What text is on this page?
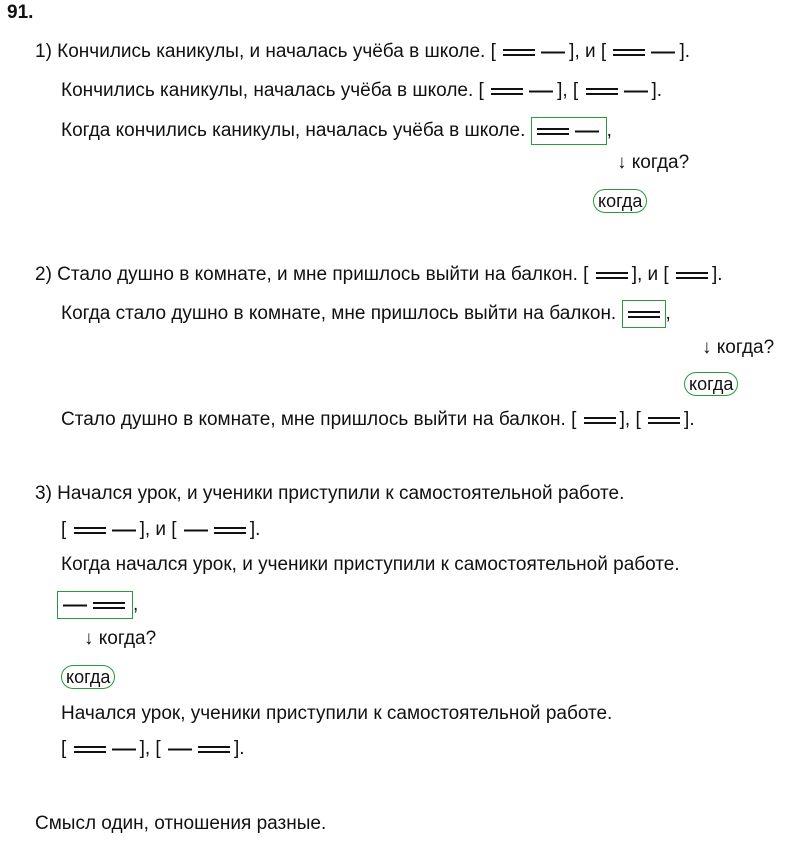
91.
1) Кончились каникулы, и началась учёба в школе. [	], и [	].
Кончились каникулы, началась учёба в школе. [	], [	].
Когда кончились каникулы, началась учёба в школе.	,
↓ когда?
когда
2) Стало душно в комнате, и мне пришлось выйти на балкон. [ ], и [ ].
Когда стало душно в комнате, мне пришлось выйти на балкон.	,
↓ когда?
когда
Стало душно в комнате, мне пришлось выйти на балкон. [ ], [ ].
3) Начался урок, и ученики приступили к самостоятельной работе.
[	], и [	].
Когда начался урок, и ученики приступили к самостоятельной работе.
,
↓ когда?
когда
Начался урок, ученики приступили к самостоятельной работе.
[	], [	].
Смысл один, отношения разные.
